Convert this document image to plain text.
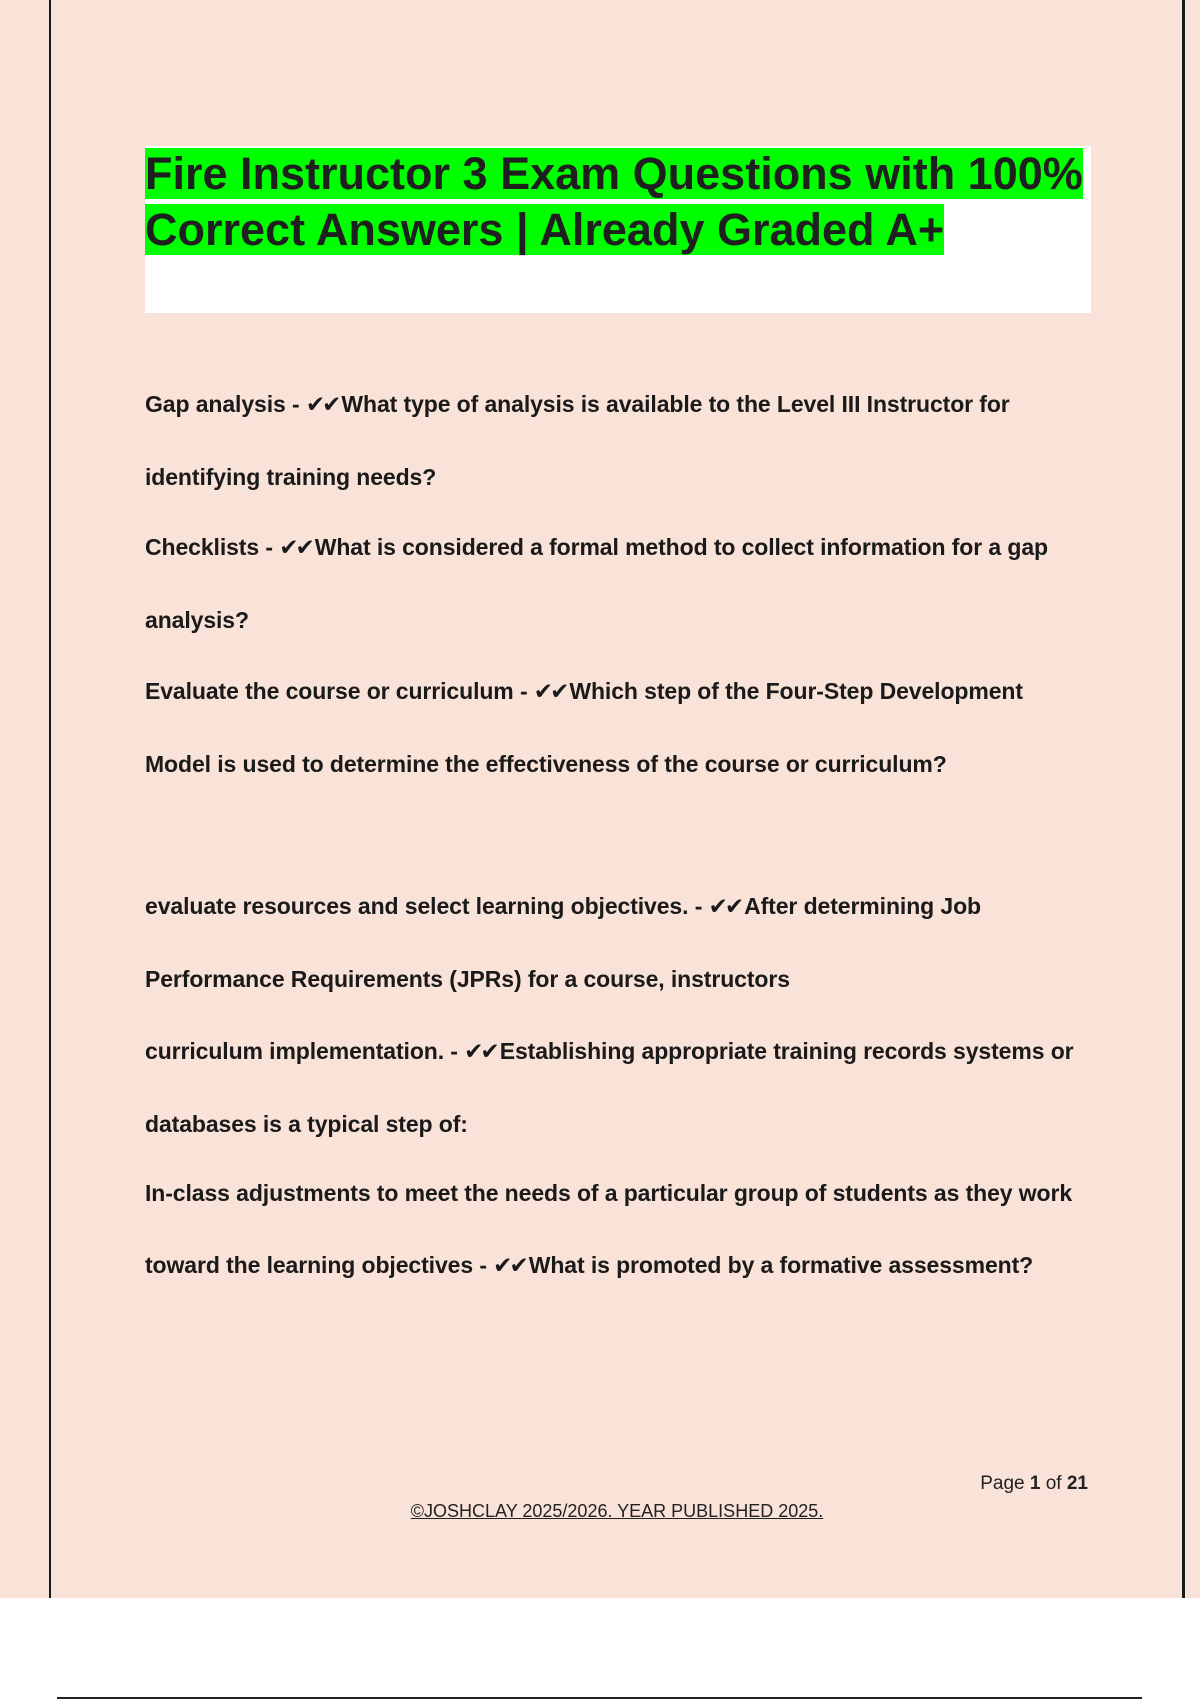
Fire Instructor 3 Exam Questions with 100% Correct Answers | Already Graded A+

Gap analysis - ✔✔ What type of analysis is available to the Level III Instructor for identifying training needs?

Checklists - ✔✔ What is considered a formal method to collect information for a gap analysis?

Evaluate the course or curriculum - ✔✔ Which step of the Four-Step Development Model is used to determine the effectiveness of the course or curriculum?

evaluate resources and select learning objectives. - ✔✔ After determining Job Performance Requirements (JPRs) for a course, instructors

curriculum implementation. - ✔✔ Establishing appropriate training records systems or databases is a typical step of:

In-class adjustments to meet the needs of a particular group of students as they work toward the learning objectives - ✔✔ What is promoted by a formative assessment?

Page 1 of 21
©JOSHCLAY 2025/2026. YEAR PUBLISHED 2025.
